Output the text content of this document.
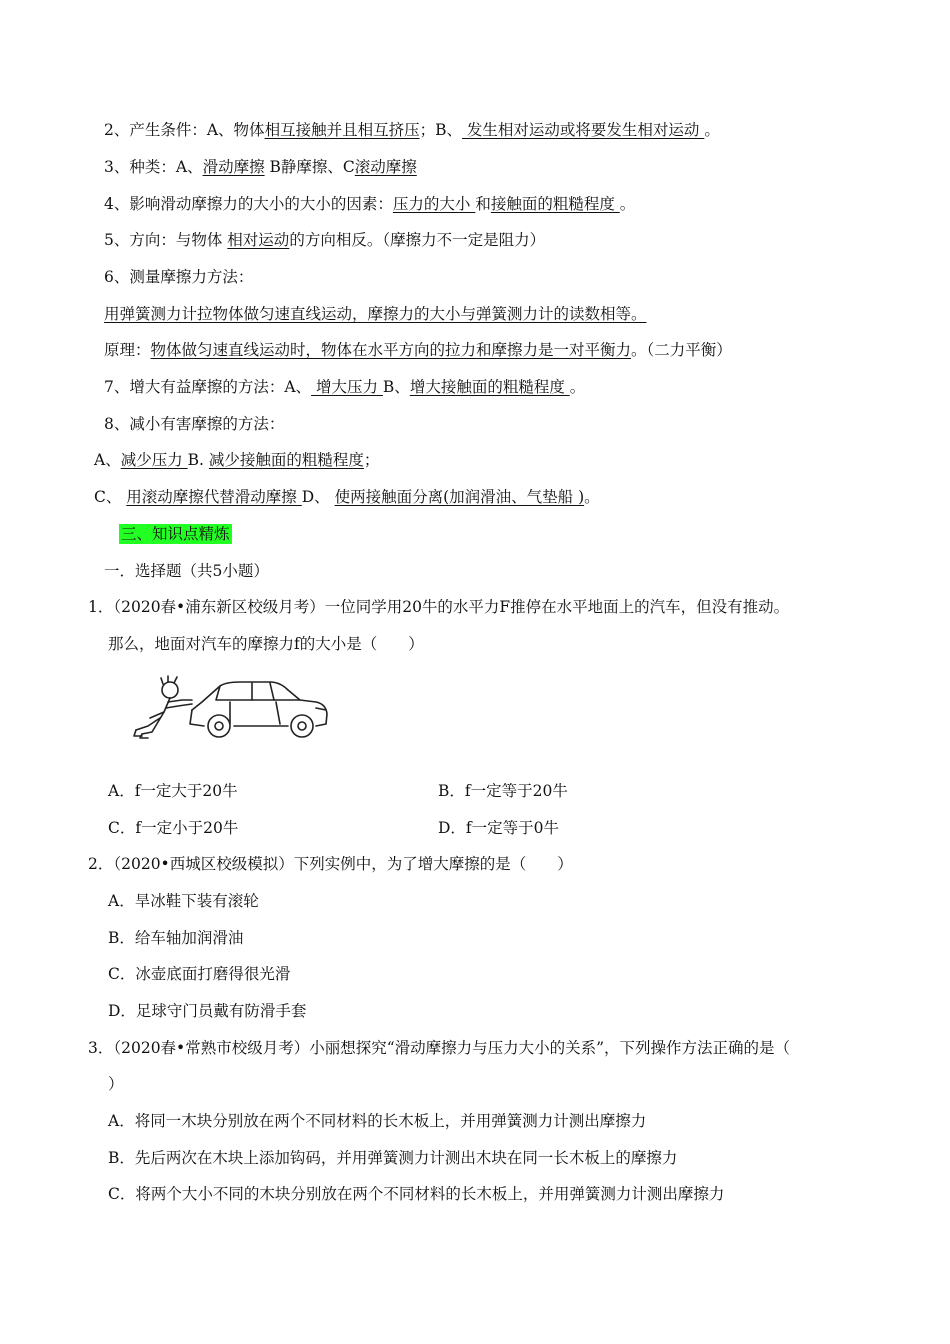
2、产生条件：A、物体相互接触并且相互挤压；B、 发生相对运动或将要发生相对运动 。
3、种类：A、滑动摩擦 B静摩擦、C滚动摩擦
4、影响滑动摩擦力的大小的大小的因素：压力的大小 和接触面的粗糙程度 。
5、方向：与物体 相对运动的方向相反。（摩擦力不一定是阻力）
6、测量摩擦力方法：
用弹簧测力计拉物体做匀速直线运动，摩擦力的大小与弹簧测力计的读数相等。
原理：物体做匀速直线运动时，物体在水平方向的拉力和摩擦力是一对平衡力。（二力平衡）
7、增大有益摩擦的方法：A、 增大压力 B、增大接触面的粗糙程度 。
8、减小有害摩擦的方法：
A、减少压力 B. 减少接触面的粗糙程度；
C、 用滚动摩擦代替滑动摩擦 D、 使两接触面分离(加润滑油、气垫船 )。
三、知识点精炼
一．选择题（共5小题）
1．（2020春•浦东新区校级月考）一位同学用20牛的水平力F推停在水平地面上的汽车，但没有推动。
那么，地面对汽车的摩擦力f的大小是（　　）
A．f一定大于20牛	B．f一定等于20牛
C．f一定小于20牛	D．f一定等于0牛
2．（2020•西城区校级模拟）下列实例中，为了增大摩擦的是（　　）
A．旱冰鞋下装有滚轮
B．给车轴加润滑油
C．冰壶底面打磨得很光滑
D．足球守门员戴有防滑手套
3．（2020春•常熟市校级月考）小丽想探究“滑动摩擦力与压力大小的关系”，下列操作方法正确的是（
）
A．将同一木块分别放在两个不同材料的长木板上，并用弹簧测力计测出摩擦力
B．先后两次在木块上添加钩码，并用弹簧测力计测出木块在同一长木板上的摩擦力
C．将两个大小不同的木块分别放在两个不同材料的长木板上，并用弹簧测力计测出摩擦力
